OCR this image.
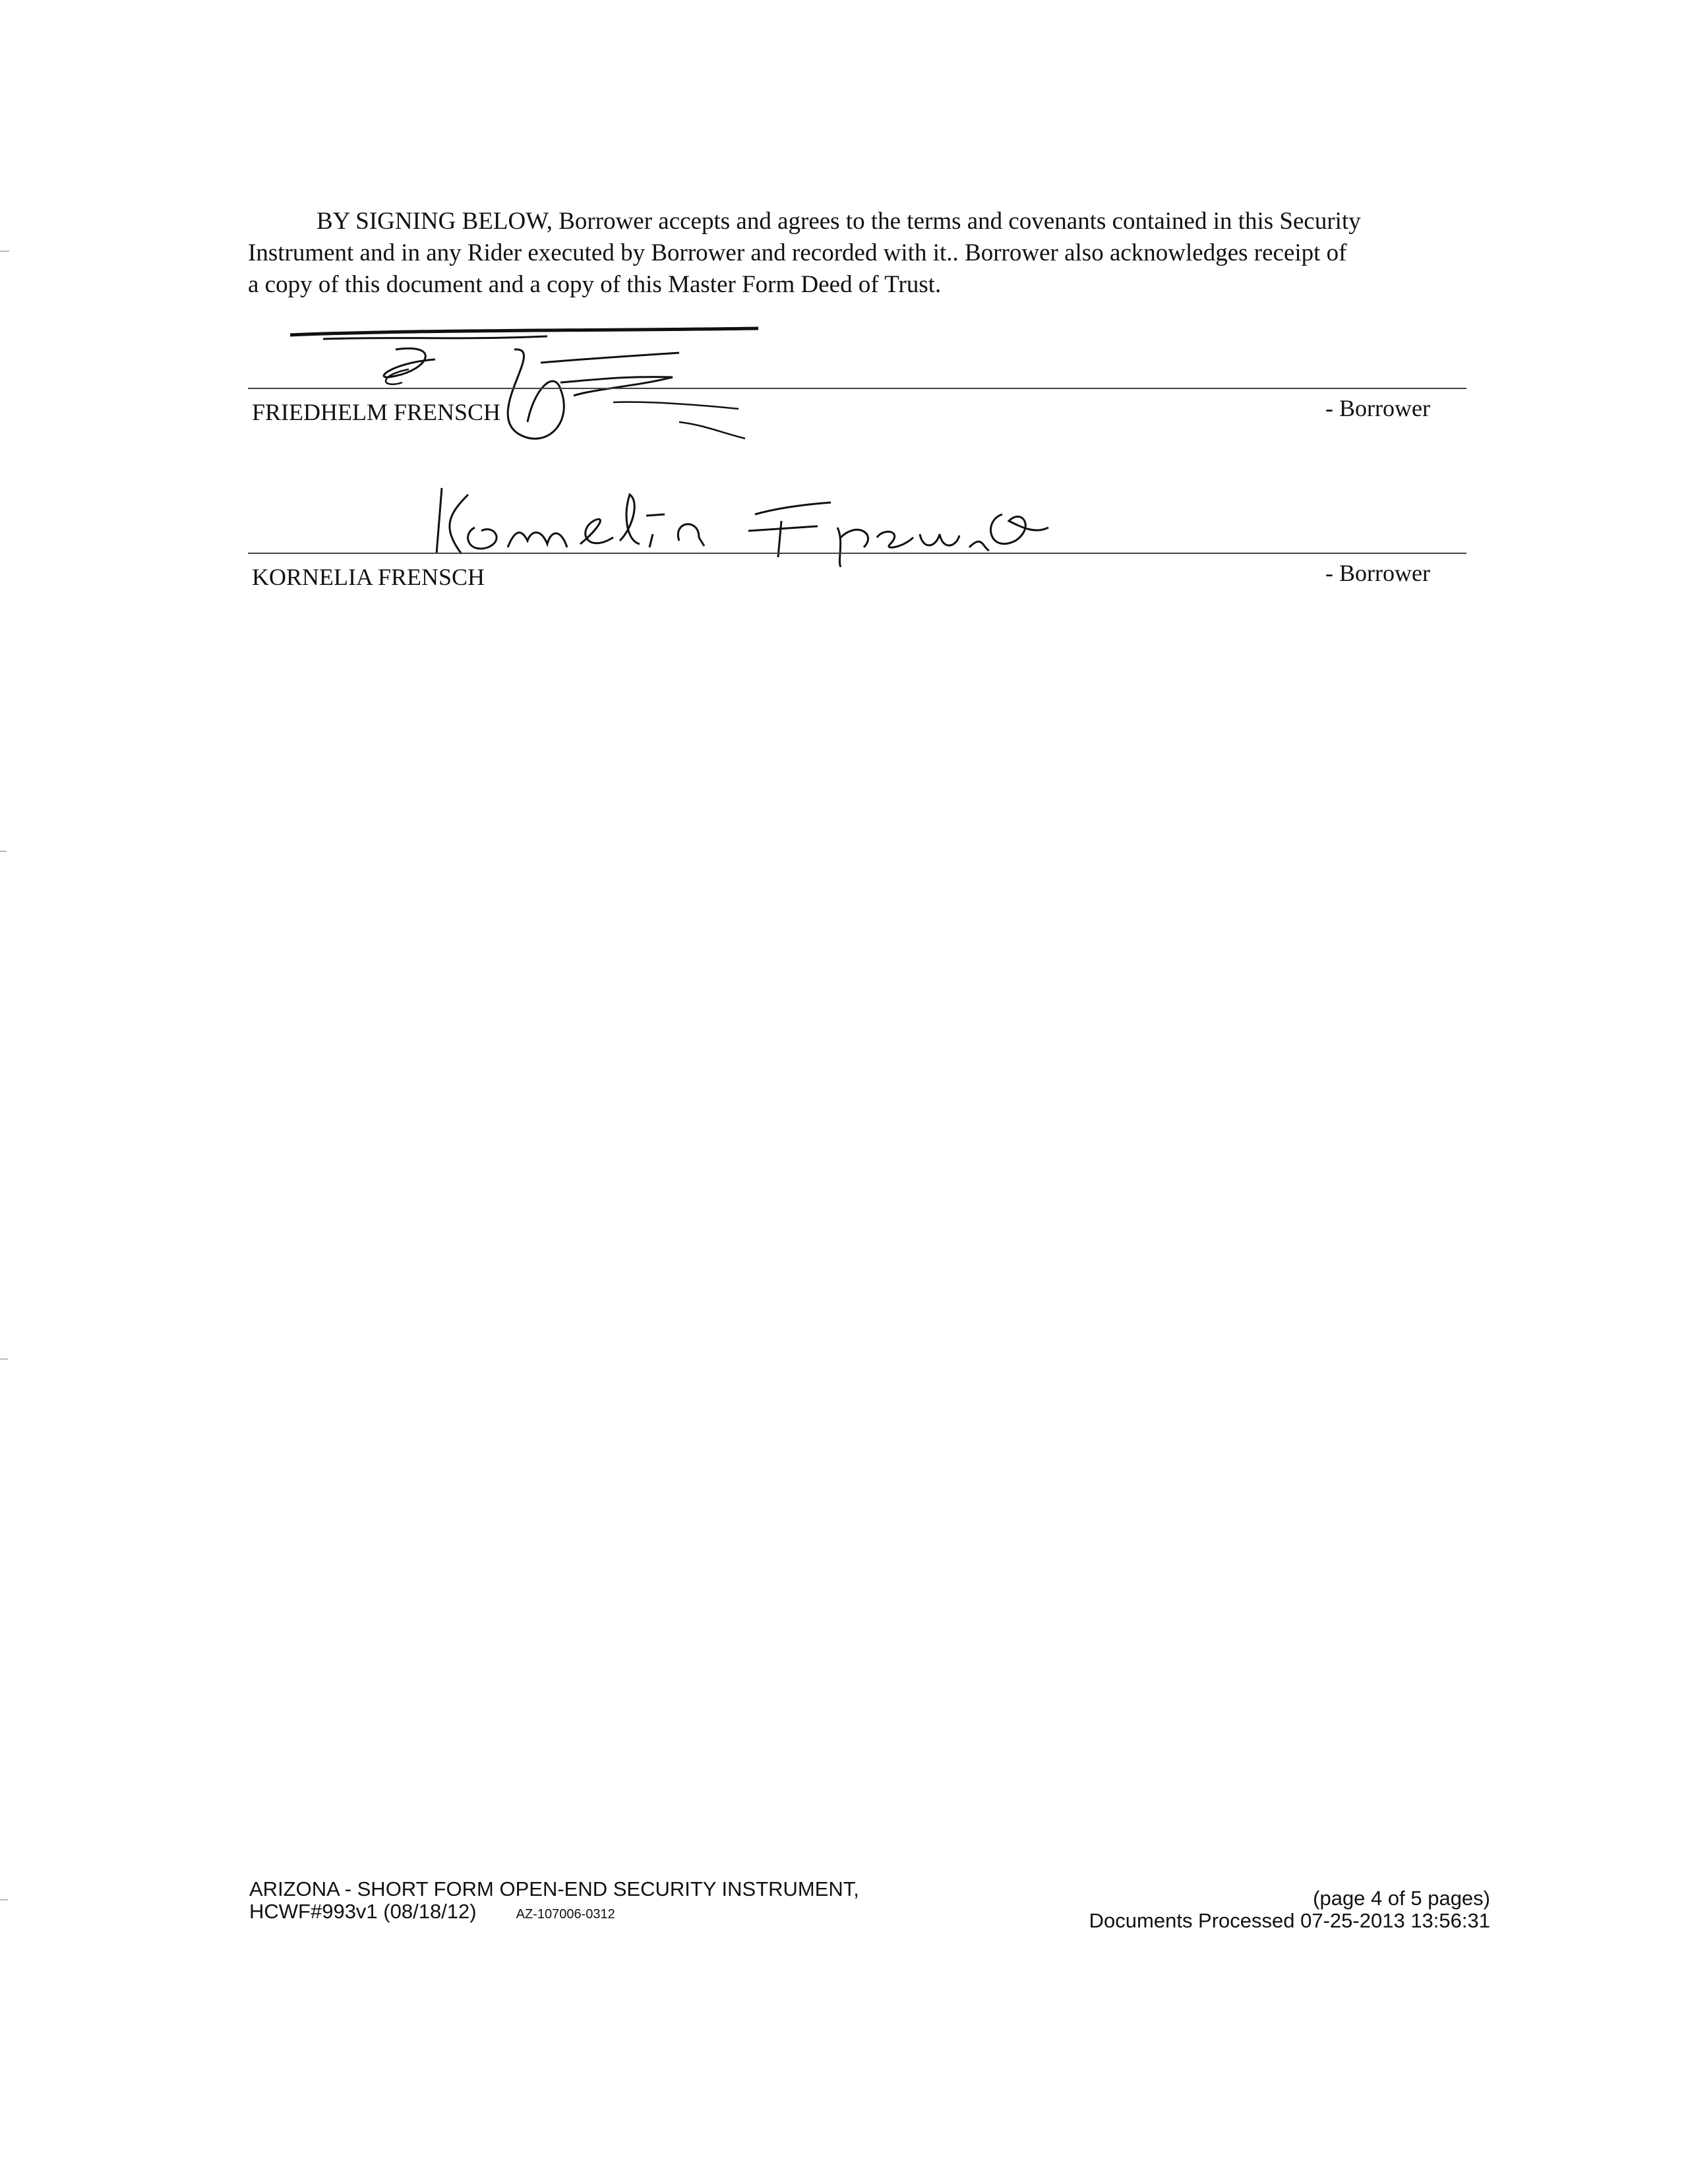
BY SIGNING BELOW, Borrower accepts and agrees to the terms and covenants contained in this Security
Instrument and in any Rider executed by Borrower and recorded with it.. Borrower also acknowledges receipt of
a copy of this document and a copy of this Master Form Deed of Trust.
FRIEDHELM FRENSCH	- Borrower
KORNELIA FRENSCH	- Borrower
ARIZONA - SHORT FORM OPEN-END SECURITY INSTRUMENT,
HCWF#993v1 (08/18/12)	AZ-107006-0312
(page 4 of 5 pages)
Documents Processed 07-25-2013 13:56:31
